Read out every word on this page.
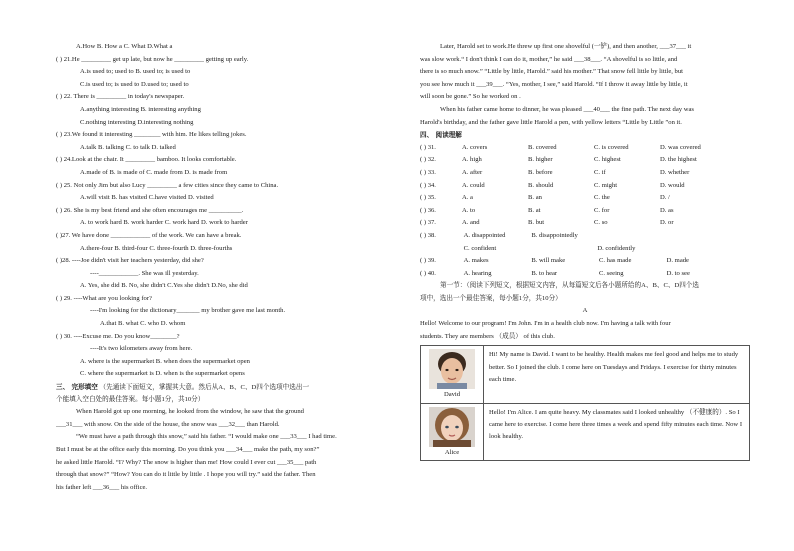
A.How B. How a C. What D.What a
( ) 21.He _________ get up late, but now he _________ getting up early.
A.is used to; used to B. used to; is used to
C.is used to; is used to D.used to; used to
( ) 22. There is _________ in today's newspaper.
A.anything interesting B. interesting anything
C.nothing interesting D.interesting nothing
( ) 23.We found it interesting ________ with him. He likes telling jokes.
A.talk B. talking C. to talk D. talked
( ) 24.Look at the chair. It _________ bamboo. It looks comfortable.
A.made of B. is made of C. made from D. is made from
( ) 25. Not only Jim but also Lucy _________ a few cities since they came to China.
A.will visit B. has visited C.have visited D. visited
( ) 26. She is my best friend and she often encourages me __________.
A. to work hard B. work harder C. work hard D. work to harder
( )27. We have done ____________ of the work. We can have a break.
A.there-four B. third-four C. three-fourth D. three-fourths
( )28. ----Joe didn't visit her teachers yesterday, did she?
----____________. She was ill yesterday.
A. Yes, she did B. No, she didn't C.Yes she didn't D.No, she did
( ) 29. ----What are you looking for?
----I'm looking for the dictionary_______ my brother gave me last month.
A.that B. what C. who D. whom
( ) 30. ----Excuse me. Do you know________?
----It's two kilometers away from here.
A. where is the supermarket B. when does the supermarket open
C. where the supermarket is D. when is the supermarket opens
三、 完形填空 （先通读下面短文，掌握其大意。然后从A、B、C、D四个选项中选出一
个能填入空白处的最佳答案。每小题1分，共10分）
When Harold got up one morning, he looked from the window, he saw that the ground
___31___ with snow. On the side of the house, the snow was ___32___ than Harold.
“We must have a path through this snow,” said his father. “I would make one ___33___ I had time.
But I must be at the office early this morning. Do you think you ___34___ make the path, my son?”
he asked little Harold. “I? Why? The snow is higher than me! How could I ever cut ___35___ path
through that snow?” “How? You can do it little by little . I hope you will try.” said the father. Then
his father left ___36___ his office.
Later, Harold set to work.He threw up first one shovelful (一铲), and then another, ___37___ it
was slow work.“ I don't think I can do it, mother,” he said ___38___. “A shovelful is so little, and
there is so much snow.” “Little by little, Harold.” said his mother.” That snow fell little by little, but
you see how much it ___39___. “Yes, mother, I see,” said Harold. “If I throw it away little by little, it
will soon be gone.” So he worked on .
When his father came home to dinner, he was pleased ___40___ the fine path. The next day was
Harold's birthday, and the father gave little Harold a pen, with yellow letters “Little by Little ”on it.
四、 阅读理解
( ) 31.	A. covers	B. covered	C. is covered	D. was covered
( ) 32.	A. high	B. higher	C. highest	D. the highest
( ) 33.	A. after	B. before	C. if	D. whether
( ) 34.	A. could	B. should	C. might	D. would
( ) 35.	A. a	B. an	C. the	D. /
( ) 36.	A. to	B. at	C. for	D. as
( ) 37.	A. and	B. but	C. so	D. or
( ) 38.	A. disappointed	B. disappointedly
C. confident	D. confidently
( ) 39.	A. makes	B. will make	C. has made	D. made
( ) 40.	A. hearing	B. to hear	C. seeing	D. to see
第一节：（阅读下列短文，根据短文内容，从每篇短文后各小题所给的A、B、C、D四个选
项中，选出一个最佳答案，每小题1分，共10分）
A
Hello! Welcome to our program! I'm John. I'm in a health club now. I'm having a talk with four
students. They are members （成员） of this club.
David	Hi! My name is David. I want to be healthy. Health makes me feel good and helps me to study better. So I joined the club. I come here on Tuesdays and Fridays. I exercise for thirty minutes each time.

Alice	Hello! I'm Alice. I am quite heavy. My classmates said I looked unhealthy （不健康的）. So I came here to exercise. I come here three times a week and spend fifty minutes each time. Now I look healthy.
